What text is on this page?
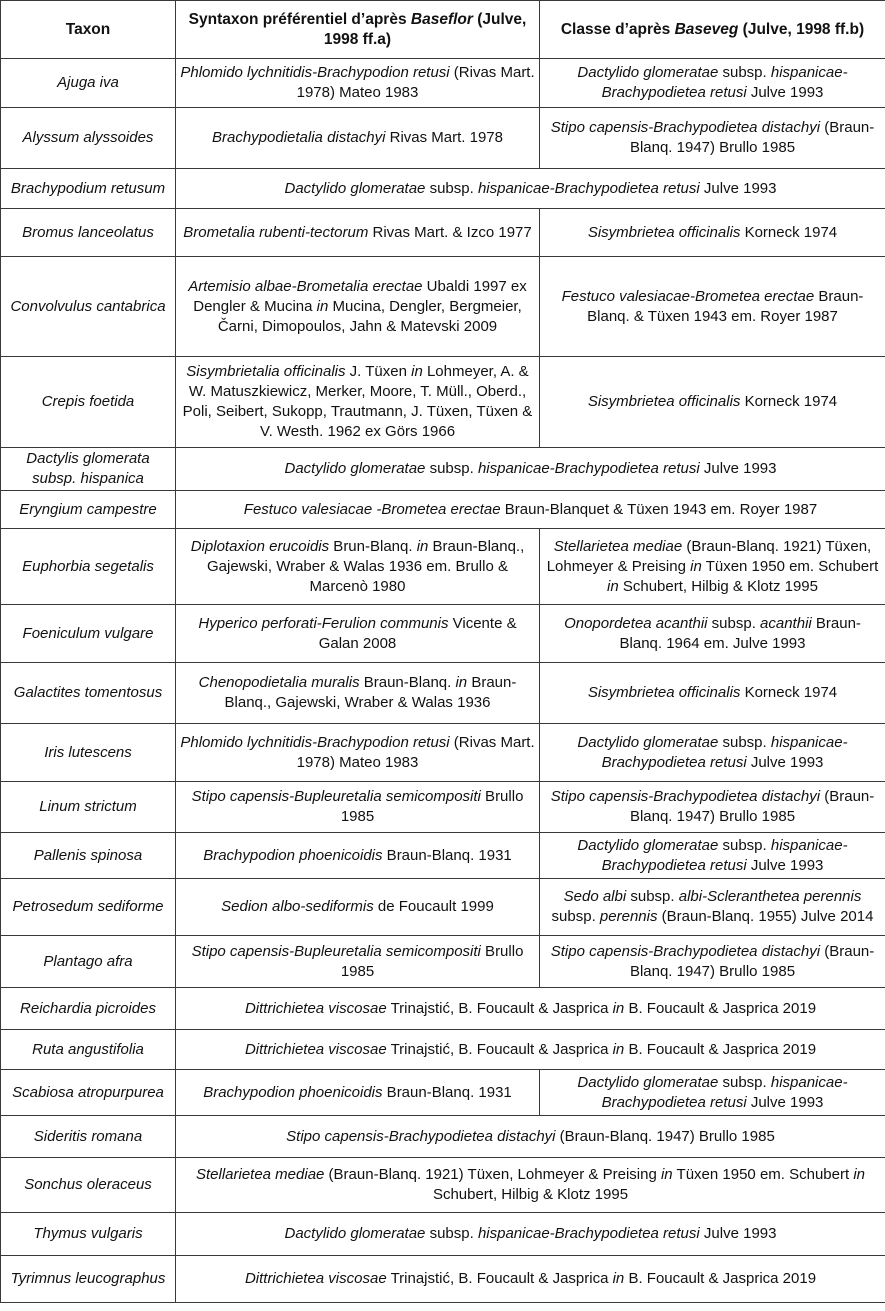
Taxon	Syntaxon préférentiel d’après Baseflor (Julve, 1998 ff.a)	Classe d’après Baseveg (Julve, 1998 ff.b)
Ajuga iva	Phlomido lychnitidis-Brachypodion retusi (Rivas Mart. 1978) Mateo 1983	Dactylido glomeratae subsp. hispanicae-Brachypodietea retusi Julve 1993
Alyssum alyssoides	Brachypodietalia distachyi Rivas Mart. 1978	Stipo capensis-Brachypodietea distachyi (Braun-Blanq. 1947) Brullo 1985
Brachypodium retusum	Dactylido glomeratae subsp. hispanicae-Brachypodietea retusi Julve 1993	
Bromus lanceolatus	Brometalia rubenti-tectorum Rivas Mart. & Izco 1977	Sisymbrietea officinalis Korneck 1974
Convolvulus cantabrica	Artemisio albae-Brometalia erectae Ubaldi 1997 ex Dengler & Mucina in Mucina, Dengler, Bergmeier, Čarni, Dimopoulos, Jahn & Matevski 2009	Festuco valesiacae-Brometea erectae Braun-Blanq. & Tüxen 1943 em. Royer 1987
Crepis foetida	Sisymbrietalia officinalis J. Tüxen in Lohmeyer, A. & W. Matuszkiewicz, Merker, Moore, T. Müll., Oberd., Poli, Seibert, Sukopp, Trautmann, J. Tüxen, Tüxen & V. Westh. 1962 ex Görs 1966	Sisymbrietea officinalis Korneck 1974
Dactylis glomerata subsp. hispanica	Dactylido glomeratae subsp. hispanicae-Brachypodietea retusi Julve 1993	
Eryngium campestre	Festuco valesiacae -Brometea erectae Braun-Blanquet & Tüxen 1943 em. Royer 1987	
Euphorbia segetalis	Diplotaxion erucoidis Brun-Blanq. in Braun-Blanq., Gajewski, Wraber & Walas 1936 em. Brullo & Marcenò 1980	Stellarietea mediae (Braun-Blanq. 1921) Tüxen, Lohmeyer & Preising in Tüxen 1950 em. Schubert in Schubert, Hilbig & Klotz 1995
Foeniculum vulgare	Hyperico perforati-Ferulion communis Vicente & Galan 2008	Onopordetea acanthii subsp. acanthii Braun-Blanq. 1964 em. Julve 1993
Galactites tomentosus	Chenopodietalia muralis Braun-Blanq. in Braun-Blanq., Gajewski, Wraber & Walas 1936	Sisymbrietea officinalis Korneck 1974
Iris lutescens	Phlomido lychnitidis-Brachypodion retusi (Rivas Mart. 1978) Mateo 1983	Dactylido glomeratae subsp. hispanicae-Brachypodietea retusi Julve 1993
Linum strictum	Stipo capensis-Bupleuretalia semicompositi Brullo 1985	Stipo capensis-Brachypodietea distachyi (Braun-Blanq. 1947) Brullo 1985
Pallenis spinosa	Brachypodion phoenicoidis Braun-Blanq. 1931	Dactylido glomeratae subsp. hispanicae-Brachypodietea retusi Julve 1993
Petrosedum sediforme	Sedion albo-sediformis de Foucault 1999	Sedo albi subsp. albi-Scleranthetea perennis subsp. perennis (Braun-Blanq. 1955) Julve 2014
Plantago afra	Stipo capensis-Bupleuretalia semicompositi Brullo 1985	Stipo capensis-Brachypodietea distachyi (Braun-Blanq. 1947) Brullo 1985
Reichardia picroides	Dittrichietea viscosae Trinajstić, B. Foucault & Jasprica in B. Foucault & Jasprica 2019	
Ruta angustifolia	Dittrichietea viscosae Trinajstić, B. Foucault & Jasprica in B. Foucault & Jasprica 2019	
Scabiosa atropurpurea	Brachypodion phoenicoidis Braun-Blanq. 1931	Dactylido glomeratae subsp. hispanicae-Brachypodietea retusi Julve 1993
Sideritis romana	Stipo capensis-Brachypodietea distachyi (Braun-Blanq. 1947) Brullo 1985	
Sonchus oleraceus	Stellarietea mediae (Braun-Blanq. 1921) Tüxen, Lohmeyer & Preising in Tüxen 1950 em. Schubert in Schubert, Hilbig & Klotz 1995	
Thymus vulgaris	Dactylido glomeratae subsp. hispanicae-Brachypodietea retusi Julve 1993	
Tyrimnus leucographus	Dittrichietea viscosae Trinajstić, B. Foucault & Jasprica in B. Foucault & Jasprica 2019	
